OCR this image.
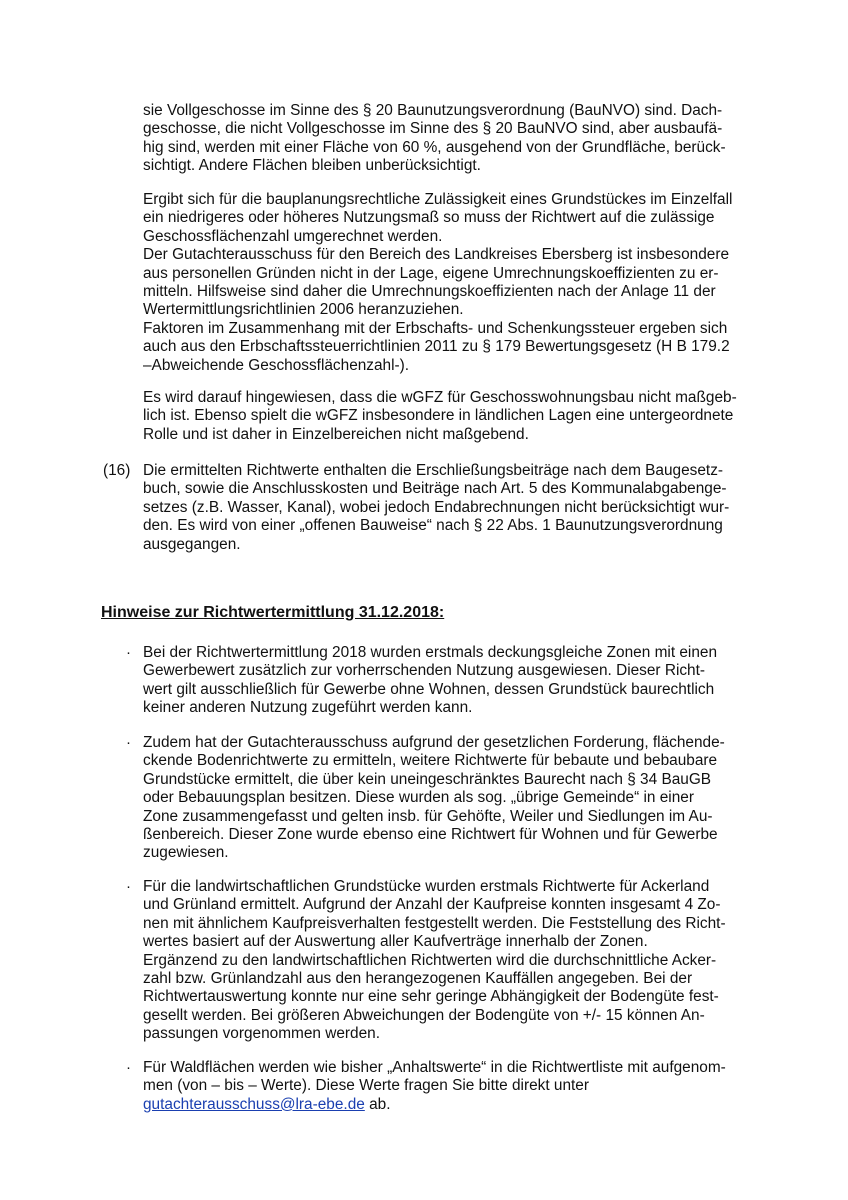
sie Vollgeschosse im Sinne des § 20 Baunutzungsverordnung (BauNVO) sind. Dach-
geschosse, die nicht Vollgeschosse im Sinne des § 20 BauNVO sind, aber ausbaufä-
hig sind, werden mit einer Fläche von 60 %, ausgehend von der Grundfläche, berück-
sichtigt. Andere Flächen bleiben unberücksichtigt.
Ergibt sich für die bauplanungsrechtliche Zulässigkeit eines Grundstückes im Einzelfall
ein niedrigeres oder höheres Nutzungsmaß so muss der Richtwert auf die zulässige
Geschossflächenzahl umgerechnet werden.
Der Gutachterausschuss für den Bereich des Landkreises Ebersberg ist insbesondere
aus personellen Gründen nicht in der Lage, eigene Umrechnungskoeffizienten zu er-
mitteln. Hilfsweise sind daher die Umrechnungskoeffizienten nach der Anlage 11 der
Wertermittlungsrichtlinien 2006 heranzuziehen.
Faktoren im Zusammenhang mit der Erbschafts- und Schenkungssteuer ergeben sich
auch aus den Erbschaftssteuerrichtlinien 2011 zu § 179 Bewertungsgesetz (H B 179.2
–Abweichende Geschossflächenzahl-).
Es wird darauf hingewiesen, dass die wGFZ für Geschosswohnungsbau nicht maßgeb-
lich ist. Ebenso spielt die wGFZ insbesondere in ländlichen Lagen eine untergeordnete
Rolle und ist daher in Einzelbereichen nicht maßgebend.
(16) Die ermittelten Richtwerte enthalten die Erschließungsbeiträge nach dem Baugesetz-
buch, sowie die Anschlusskosten und Beiträge nach Art. 5 des Kommunalabgabenge-
setzes (z.B. Wasser, Kanal), wobei jedoch Endabrechnungen nicht berücksichtigt wur-
den. Es wird von einer „offenen Bauweise“ nach § 22 Abs. 1 Baunutzungsverordnung
ausgegangen.
Hinweise zur Richtwertermittlung 31.12.2018:
· Bei der Richtwertermittlung 2018 wurden erstmals deckungsgleiche Zonen mit einen
Gewerbewert zusätzlich zur vorherrschenden Nutzung ausgewiesen. Dieser Richt-
wert gilt ausschließlich für Gewerbe ohne Wohnen, dessen Grundstück baurechtlich
keiner anderen Nutzung zugeführt werden kann.
· Zudem hat der Gutachterausschuss aufgrund der gesetzlichen Forderung, flächende-
ckende Bodenrichtwerte zu ermitteln, weitere Richtwerte für bebaute und bebaubare
Grundstücke ermittelt, die über kein uneingeschränktes Baurecht nach § 34 BauGB
oder Bebauungsplan besitzen. Diese wurden als sog. „übrige Gemeinde“ in einer
Zone zusammengefasst und gelten insb. für Gehöfte, Weiler und Siedlungen im Au-
ßenbereich. Dieser Zone wurde ebenso eine Richtwert für Wohnen und für Gewerbe
zugewiesen.
· Für die landwirtschaftlichen Grundstücke wurden erstmals Richtwerte für Ackerland
und Grünland ermittelt. Aufgrund der Anzahl der Kaufpreise konnten insgesamt 4 Zo-
nen mit ähnlichem Kaufpreisverhalten festgestellt werden. Die Feststellung des Richt-
wertes basiert auf der Auswertung aller Kaufverträge innerhalb der Zonen.
Ergänzend zu den landwirtschaftlichen Richtwerten wird die durchschnittliche Acker-
zahl bzw. Grünlandzahl aus den herangezogenen Kauffällen angegeben. Bei der
Richtwertauswertung konnte nur eine sehr geringe Abhängigkeit der Bodengüte fest-
gesellt werden. Bei größeren Abweichungen der Bodengüte von +/- 15 können An-
passungen vorgenommen werden.
· Für Waldflächen werden wie bisher „Anhaltswerte“ in die Richtwertliste mit aufgenom-
men (von – bis – Werte). Diese Werte fragen Sie bitte direkt unter
gutachterausschuss@lra-ebe.de ab.
